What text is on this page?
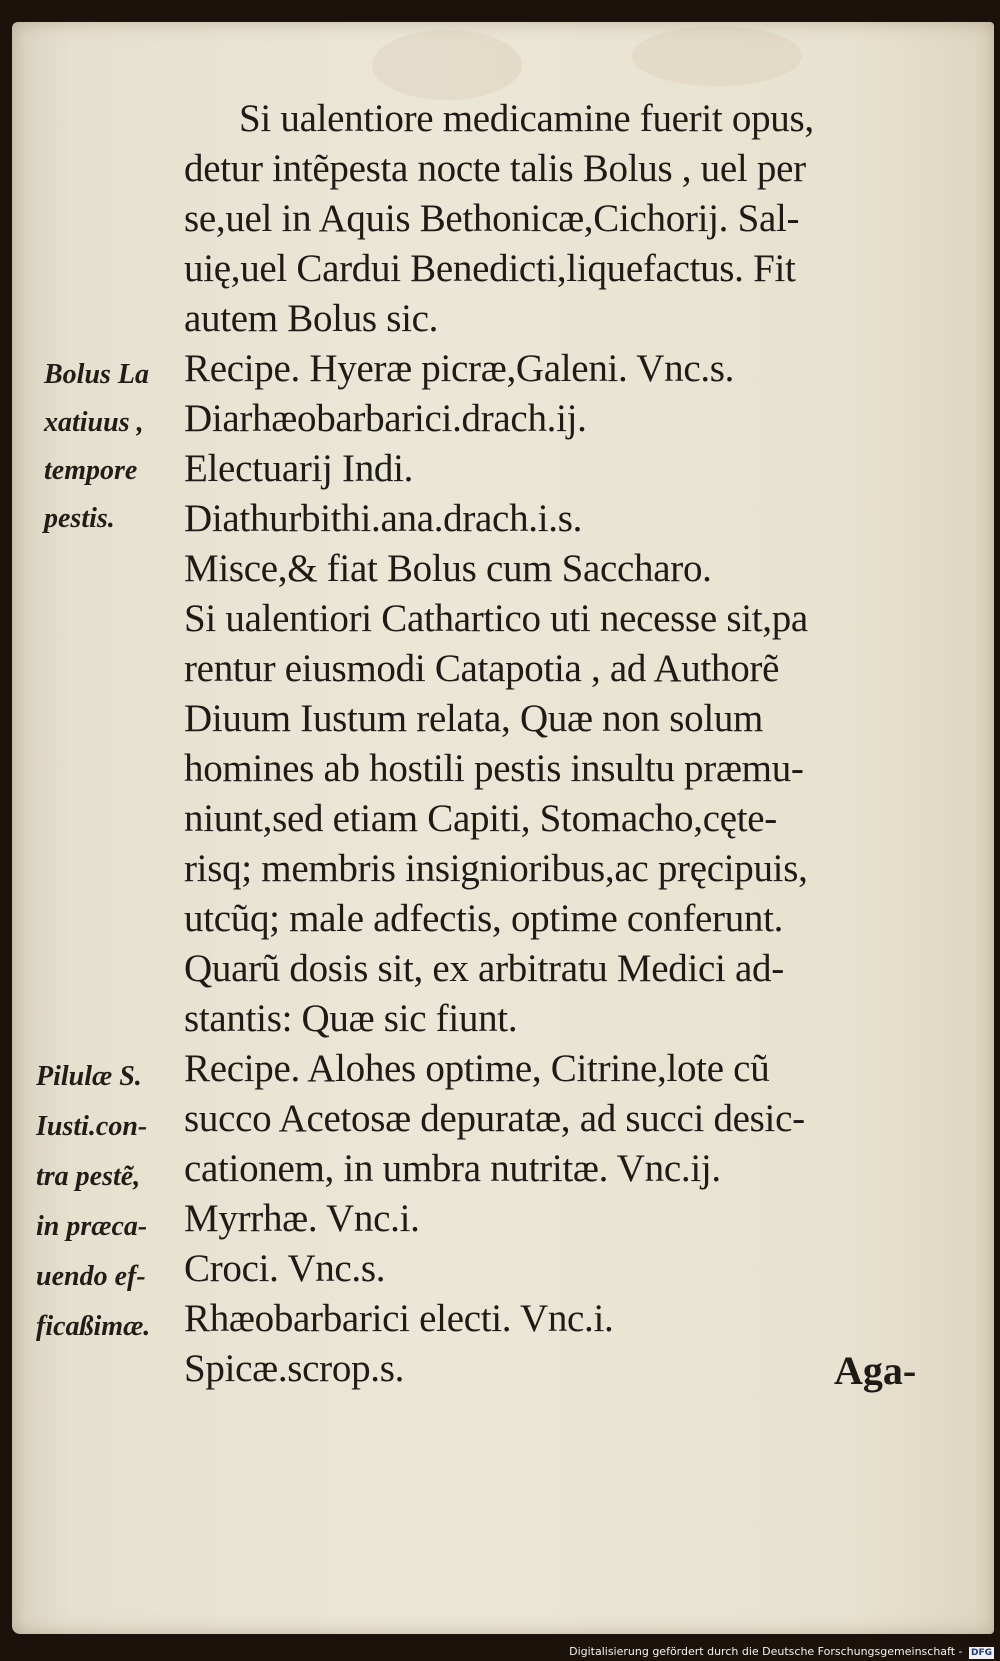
Si ualentiore medicamine fuerit opus,
detur intẽpesta nocte talis Bolus , uel per
se,uel in Aquis Bethonicæ,Cichorij. Sal-
uię,uel Cardui Benedicti,liquefactus. Fit
autem Bolus sic.
Recipe. Hyeræ picræ,Galeni. Vnc.s.
Diarhæobarbarici.drach.ij.
Electuarij Indi.
Diathurbithi.ana.drach.i.s.
Misce,& fiat Bolus cum Saccharo.
Si ualentiori Cathartico uti necesse sit,pa
rentur eiusmodi Catapotia , ad Authorẽ
Diuum Iustum relata, Quæ non solum
homines ab hostili pestis insultu præmu-
niunt,sed etiam Capiti, Stomacho,cęte-
risq; membris insignioribus,ac pręcipuis,
utcũq; male adfectis, optime conferunt.
Quarũ dosis sit, ex arbitratu Medici ad-
stantis: Quæ sic fiunt.
Recipe. Alohes optime, Citrine,lote cũ
succo Acetosæ depuratæ, ad succi desic-
cationem, in umbra nutritæ. Vnc.ij.
Myrrhæ. Vnc.i.
Croci. Vnc.s.
Rhæobarbarici electi. Vnc.i.
Spicæ.scrop.s.
Bolus La
xatiuus ,
tempore
pestis.
Pilulæ S.
Iusti.con-
tra pestẽ,
in præca-
uendo ef-
ficaßimæ.
Aga-
Digitalisierung gefördert durch die Deutsche Forschungsgemeinschaft - DFG
